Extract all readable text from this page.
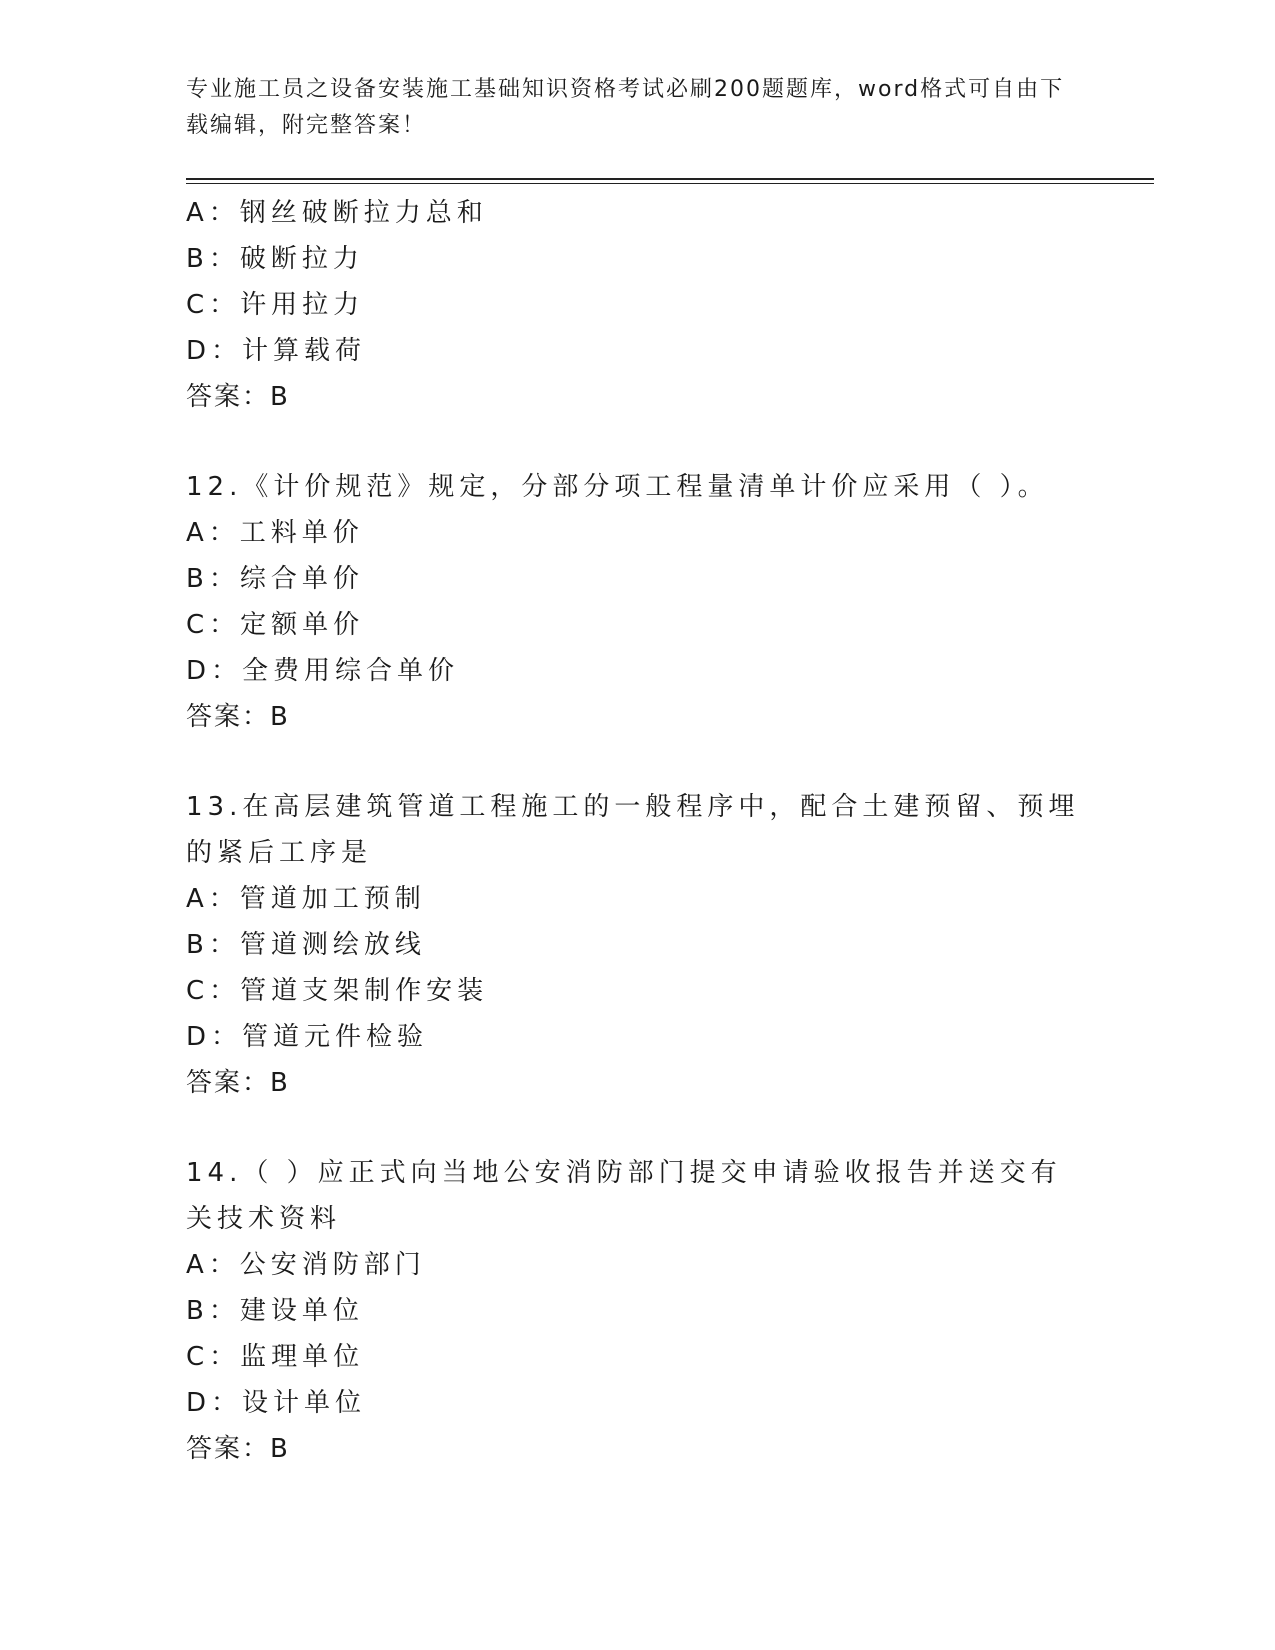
专业施工员之设备安装施工基础知识资格考试必刷200题题库，word格式可自由下载编辑，附完整答案！
A：钢丝破断拉力总和
B：破断拉力
C：许用拉力
D：计算载荷
答案：B
12.《计价规范》规定，分部分项工程量清单计价应采用（ ）。
A：工料单价
B：综合单价
C：定额单价
D：全费用综合单价
答案：B
13.在高层建筑管道工程施工的一般程序中，配合土建预留、预埋的紧后工序是
A：管道加工预制
B：管道测绘放线
C：管道支架制作安装
D：管道元件检验
答案：B
14.（ ）应正式向当地公安消防部门提交申请验收报告并送交有关技术资料
A：公安消防部门
B：建设单位
C：监理单位
D：设计单位
答案：B
